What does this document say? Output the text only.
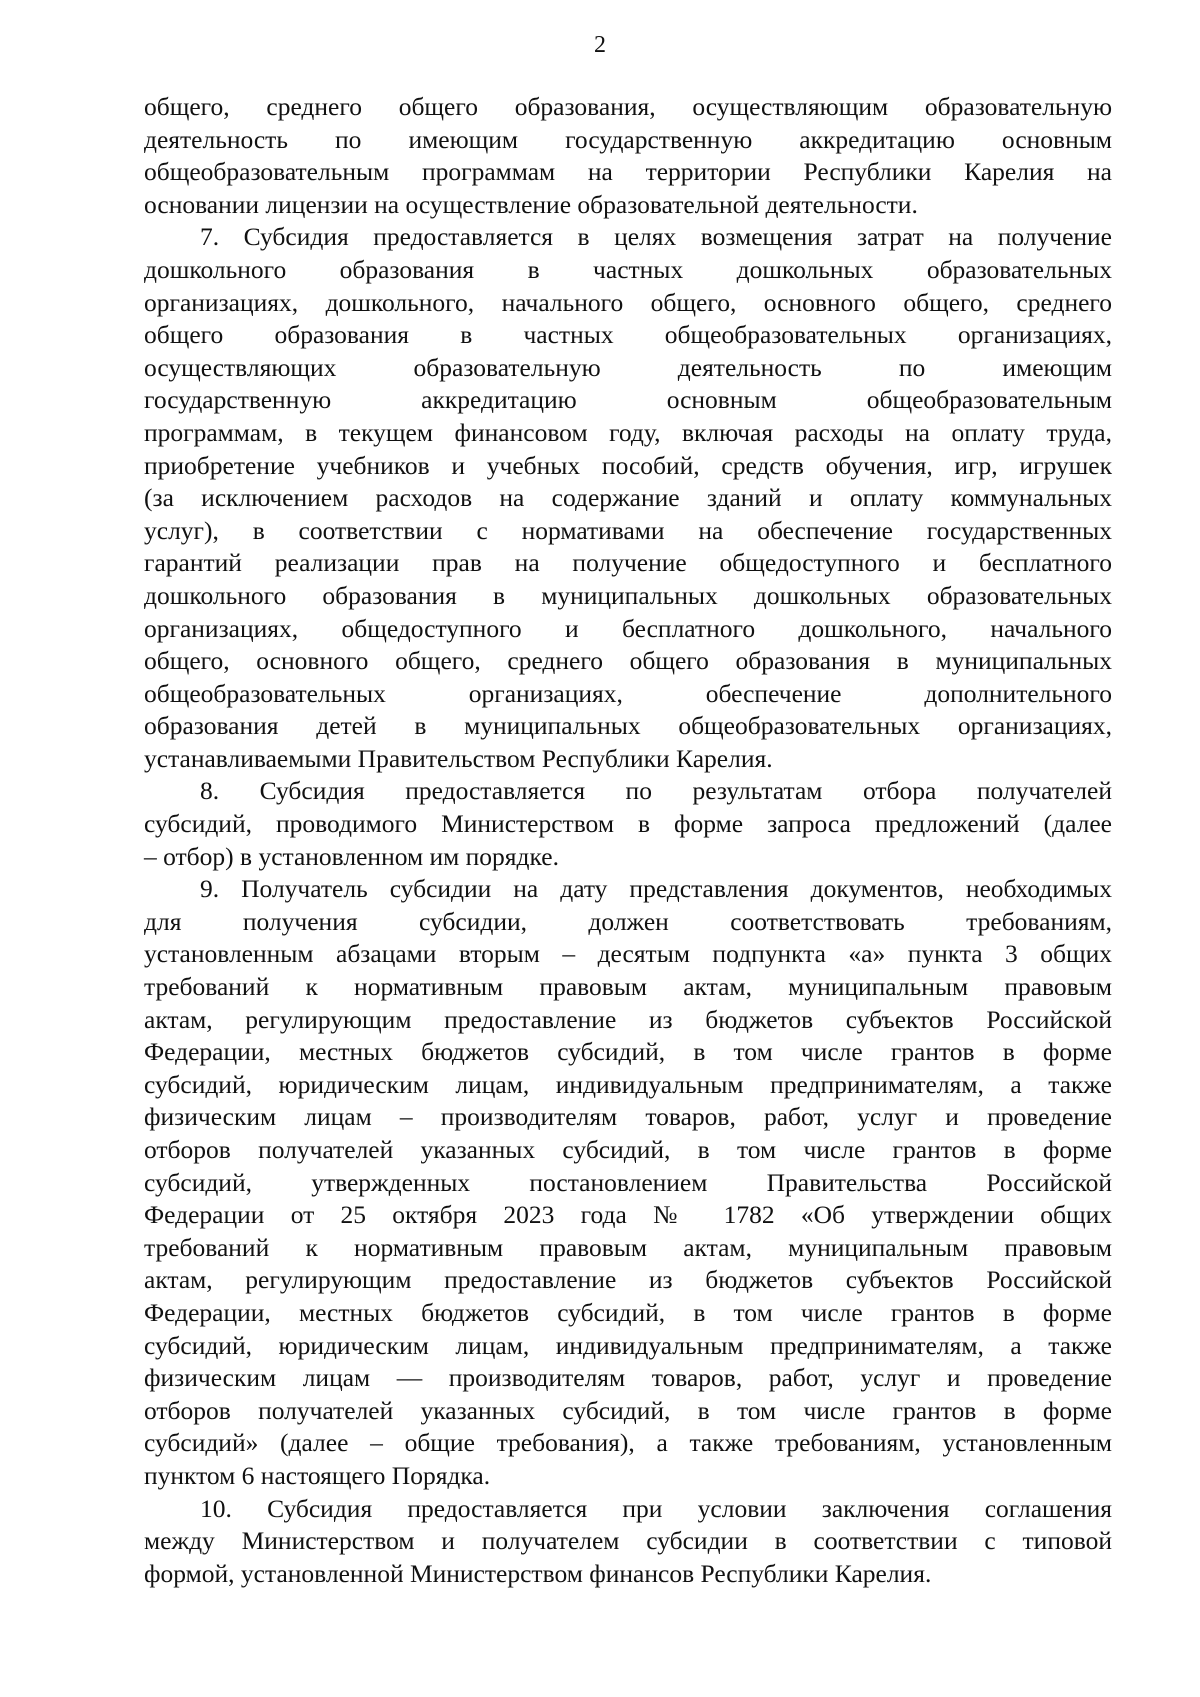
2
общего, среднего общего образования, осуществляющим образовательную
деятельность по имеющим государственную аккредитацию основным
общеобразовательным программам на территории Республики Карелия на
основании лицензии на осуществление образовательной деятельности.
7. Субсидия предоставляется в целях возмещения затрат на получение
дошкольного образования в частных дошкольных образовательных
организациях, дошкольного, начального общего, основного общего, среднего
общего образования в частных общеобразовательных организациях,
осуществляющих образовательную деятельность по имеющим
государственную аккредитацию основным общеобразовательным
программам, в текущем финансовом году, включая расходы на оплату труда,
приобретение учебников и учебных пособий, средств обучения, игр, игрушек
(за исключением расходов на содержание зданий и оплату коммунальных
услуг), в соответствии с нормативами на обеспечение государственных
гарантий реализации прав на получение общедоступного и бесплатного
дошкольного образования в муниципальных дошкольных образовательных
организациях, общедоступного и бесплатного дошкольного, начального
общего, основного общего, среднего общего образования в муниципальных
общеобразовательных организациях, обеспечение дополнительного
образования детей в муниципальных общеобразовательных организациях,
устанавливаемыми Правительством Республики Карелия.
8. Субсидия предоставляется по результатам отбора получателей
субсидий, проводимого Министерством в форме запроса предложений (далее
– отбор) в установленном им порядке.
9. Получатель субсидии на дату представления документов, необходимых
для получения субсидии, должен соответствовать требованиям,
установленным абзацами вторым – десятым подпункта «а» пункта 3 общих
требований к нормативным правовым актам, муниципальным правовым
актам, регулирующим предоставление из бюджетов субъектов Российской
Федерации, местных бюджетов субсидий, в том числе грантов в форме
субсидий, юридическим лицам, индивидуальным предпринимателям, а также
физическим лицам – производителям товаров, работ, услуг и проведение
отборов получателей указанных субсидий, в том числе грантов в форме
субсидий, утвержденных постановлением Правительства Российской
Федерации от 25 октября 2023 года № 1782 «Об утверждении общих
требований к нормативным правовым актам, муниципальным правовым
актам, регулирующим предоставление из бюджетов субъектов Российской
Федерации, местных бюджетов субсидий, в том числе грантов в форме
субсидий, юридическим лицам, индивидуальным предпринимателям, а также
физическим лицам — производителям товаров, работ, услуг и проведение
отборов получателей указанных субсидий, в том числе грантов в форме
субсидий» (далее – общие требования), а также требованиям, установленным
пунктом 6 настоящего Порядка.
10. Субсидия предоставляется при условии заключения соглашения
между Министерством и получателем субсидии в соответствии с типовой
формой, установленной Министерством финансов Республики Карелия.
